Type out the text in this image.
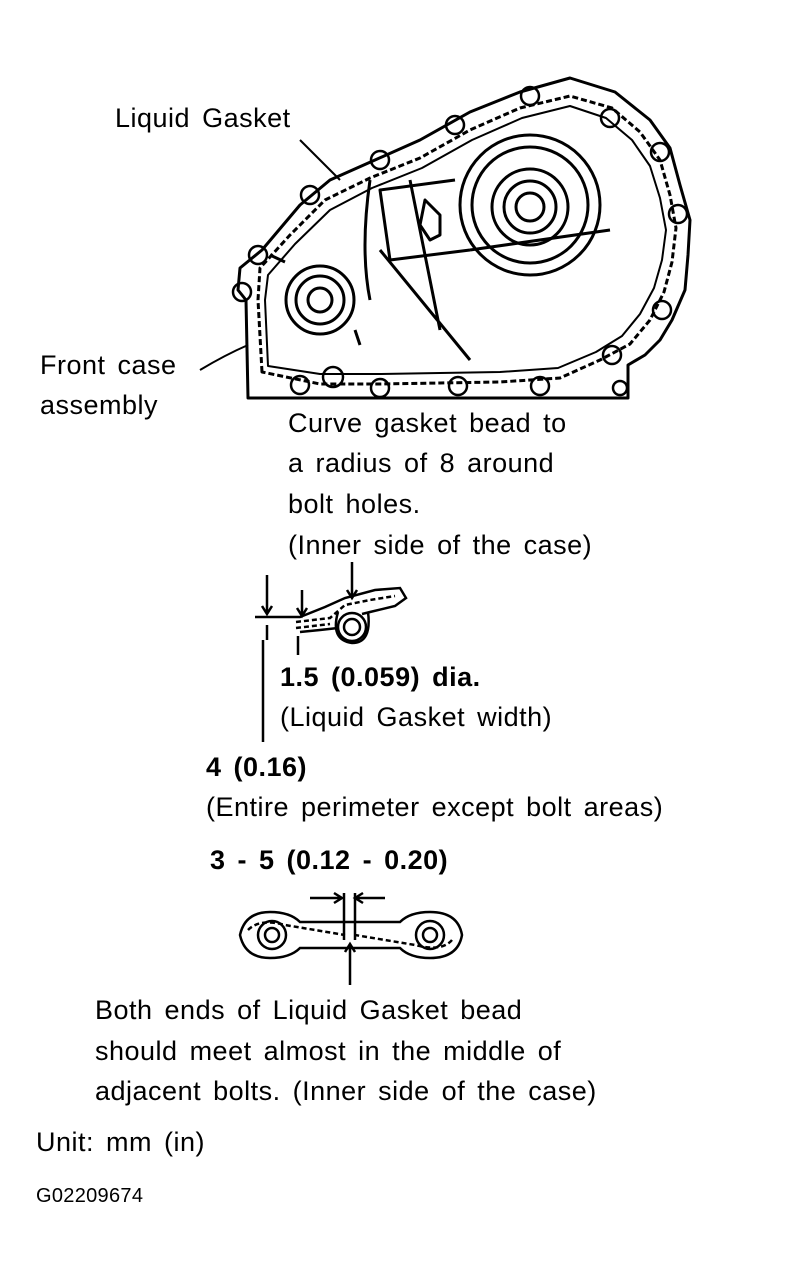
Liquid Gasket
Front case
assembly
Curve gasket bead to
a radius of 8 around
bolt holes.
(Inner side of the case)
1.5 (0.059) dia.
(Liquid Gasket width)
4 (0.16)
(Entire perimeter except bolt areas)
3 - 5 (0.12 - 0.20)
Both ends of Liquid Gasket bead
should meet almost in the middle of
adjacent bolts. (Inner side of the case)
Unit: mm (in)
G02209674
